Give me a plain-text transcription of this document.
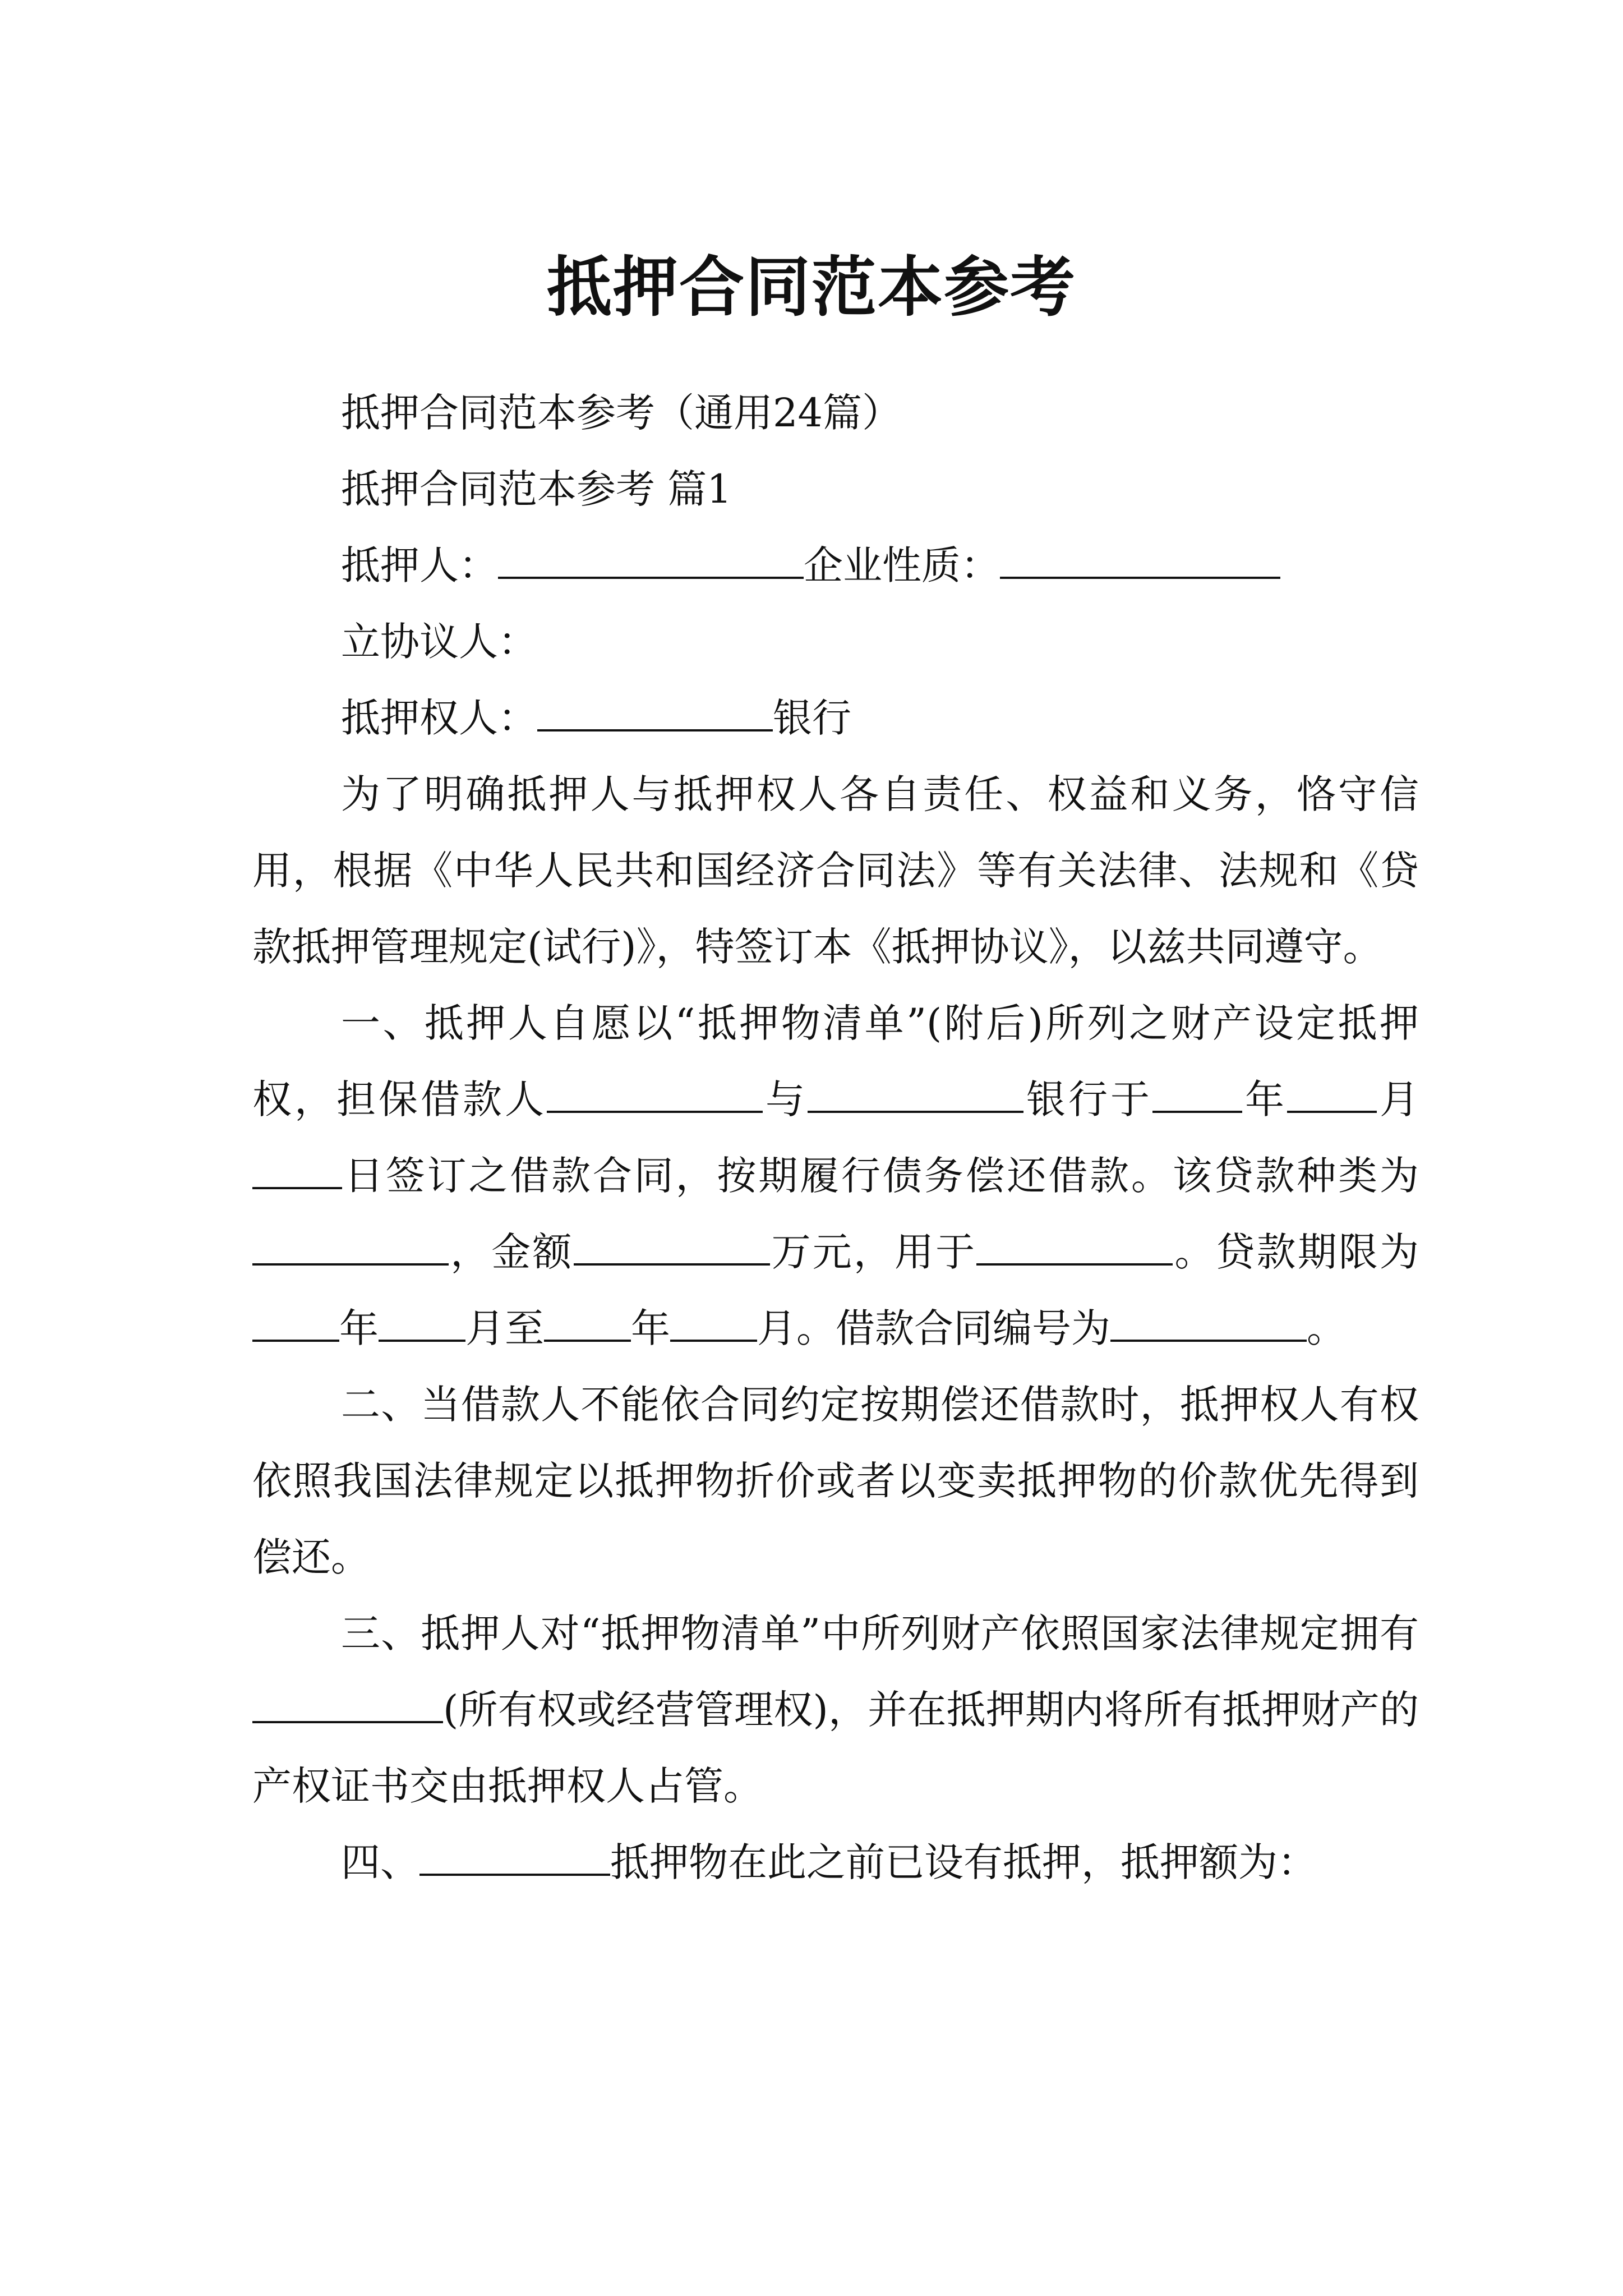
抵押合同范本参考

抵押合同范本参考（通用24篇）

抵押合同范本参考 篇1

抵押人：	企业性质：

立协议人：

抵押权人：	银行

为了明确抵押人与抵押权人各自责任、权益和义务，恪守信用，根据《中华人民共和国经济合同法》等有关法律、法规和《贷款抵押管理规定(试行)》，特签订本《抵押协议》，以兹共同遵守。

一、抵押人自愿以“抵押物清单”(附后)所列之财产设定抵押权，担保借款人	与	银行于 年 月日签订之借款合同，按期履行债务偿还借款。该贷款种类为，金额	万元，用于	。贷款期限为年 月至 年 月。借款合同编号为	。

二、当借款人不能依合同约定按期偿还借款时，抵押权人有权依照我国法律规定以抵押物折价或者以变卖抵押物的价款优先得到偿还。

三、抵押人对“抵押物清单”中所列财产依照国家法律规定拥有(所有权或经营管理权)，并在抵押期内将所有抵押财产的产权证书交由抵押权人占管。

四、	抵押物在此之前已设有抵押，抵押额为：
